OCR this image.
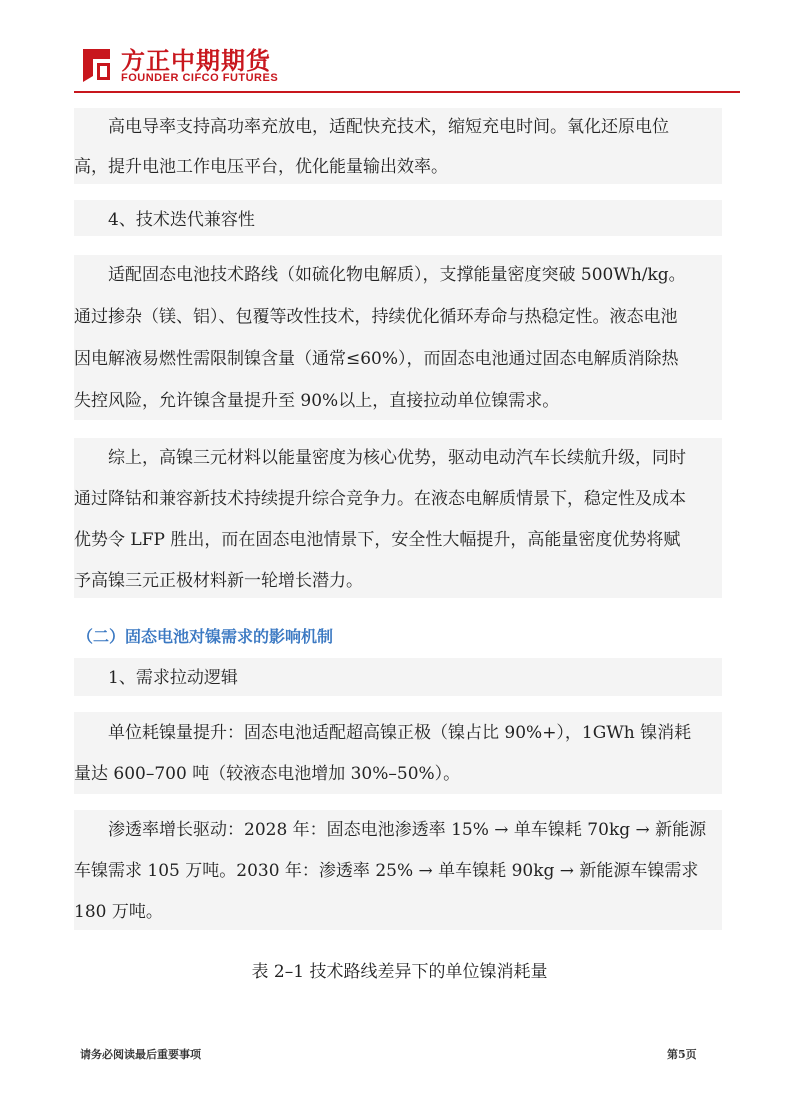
方正中期期货
FOUNDER CIFCO FUTURES
高电导率支持高功率充放电，适配快充技术，缩短充电时间。氧化还原电位
高，提升电池工作电压平台，优化能量输出效率。
4、技术迭代兼容性
适配固态电池技术路线（如硫化物电解质），支撑能量密度突破 500Wh/kg。
通过掺杂（镁、铝）、包覆等改性技术，持续优化循环寿命与热稳定性。液态电池
因电解液易燃性需限制镍含量（通常≤60%），而固态电池通过固态电解质消除热
失控风险，允许镍含量提升至 90%以上，直接拉动单位镍需求。
综上，高镍三元材料以能量密度为核心优势，驱动电动汽车长续航升级，同时
通过降钴和兼容新技术持续提升综合竞争力。在液态电解质情景下，稳定性及成本
优势令 LFP 胜出，而在固态电池情景下，安全性大幅提升，高能量密度优势将赋
予高镍三元正极材料新一轮增长潜力。
（二）固态电池对镍需求的影响机制
1、需求拉动逻辑
单位耗镍量提升：固态电池适配超高镍正极（镍占比 90%+），1GWh 镍消耗
量达 600–700 吨（较液态电池增加 30%–50%）。
渗透率增长驱动：2028 年：固态电池渗透率 15% → 单车镍耗 70kg → 新能源
车镍需求 105 万吨。2030 年：渗透率 25% → 单车镍耗 90kg → 新能源车镍需求
180 万吨。
表 2–1 技术路线差异下的单位镍消耗量
请务必阅读最后重要事项	第5页
